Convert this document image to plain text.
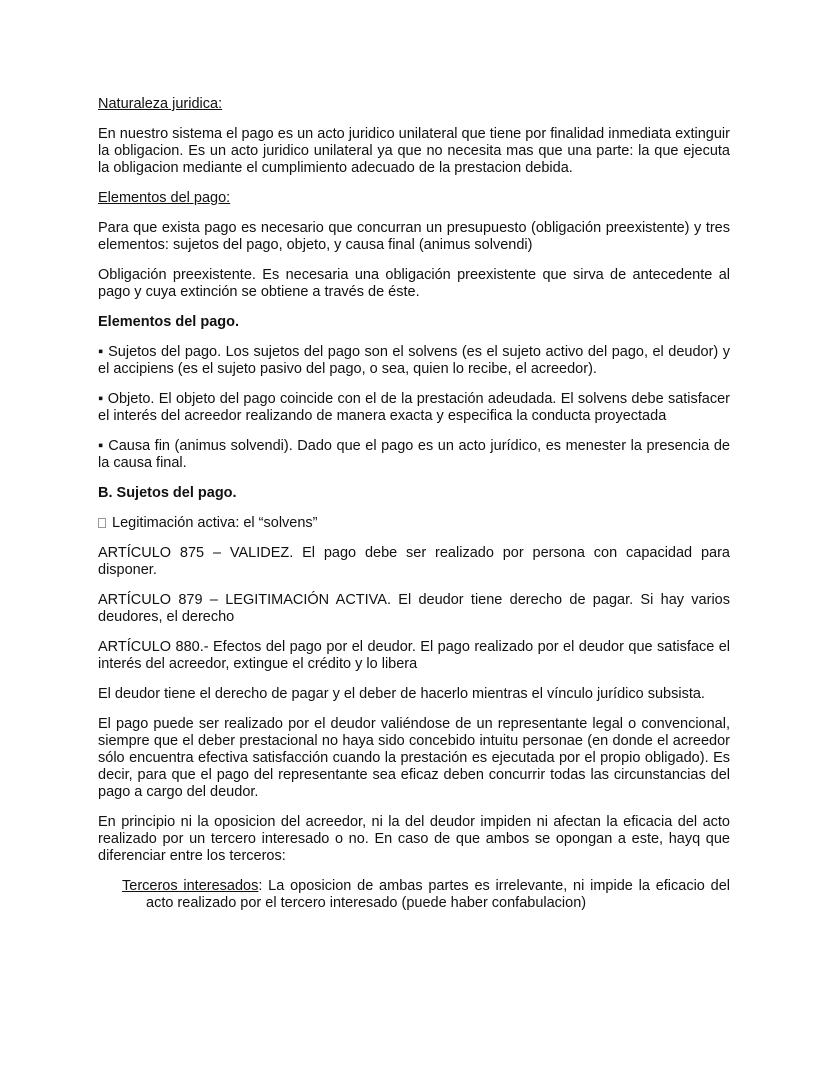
Naturaleza juridica:

En nuestro sistema el pago es un acto juridico unilateral que tiene por finalidad inmediata extinguir la obligacion. Es un acto juridico unilateral ya que no necesita mas que una parte: la que ejecuta la obligacion mediante el cumplimiento adecuado de la prestacion debida.

Elementos del pago:

Para que exista pago es necesario que concurran un presupuesto (obligación preexistente) y tres elementos: sujetos del pago, objeto, y causa final (animus solvendi)

Obligación preexistente. Es necesaria una obligación preexistente que sirva de antecedente al pago y cuya extinción se obtiene a través de éste.

Elementos del pago.

▪ Sujetos del pago. Los sujetos del pago son el solvens (es el sujeto activo del pago, el deudor) y el accipiens (es el sujeto pasivo del pago, o sea, quien lo recibe, el acreedor).

▪ Objeto. El objeto del pago coincide con el de la prestación adeudada. El solvens debe satisfacer el interés del acreedor realizando de manera exacta y especifica la conducta proyectada

▪ Causa fin (animus solvendi). Dado que el pago es un acto jurídico, es menester la presencia de la causa final.

B. Sujetos del pago.

Legitimación activa: el “solvens”

ARTÍCULO 875 – VALIDEZ. El pago debe ser realizado por persona con capacidad para disponer.

ARTÍCULO 879 – LEGITIMACIÓN ACTIVA. El deudor tiene derecho de pagar. Si hay varios deudores, el derecho

ARTÍCULO 880.- Efectos del pago por el deudor. El pago realizado por el deudor que satisface el interés del acreedor, extingue el crédito y lo libera

El deudor tiene el derecho de pagar y el deber de hacerlo mientras el vínculo jurídico subsista.

El pago puede ser realizado por el deudor valiéndose de un representante legal o convencional, siempre que el deber prestacional no haya sido concebido intuitu personae (en donde el acreedor sólo encuentra efectiva satisfacción cuando la prestación es ejecutada por el propio obligado). Es decir, para que el pago del representante sea eficaz deben concurrir todas las circunstancias del pago a cargo del deudor.

En principio ni la oposicion del acreedor, ni la del deudor impiden ni afectan la eficacia del acto realizado por un tercero interesado o no. En caso de que ambos se opongan a este, hayq que diferenciar entre los terceros:

Terceros interesados: La oposicion de ambas partes es irrelevante, ni impide la eficacio del acto realizado por el tercero interesado (puede haber confabulacion)
